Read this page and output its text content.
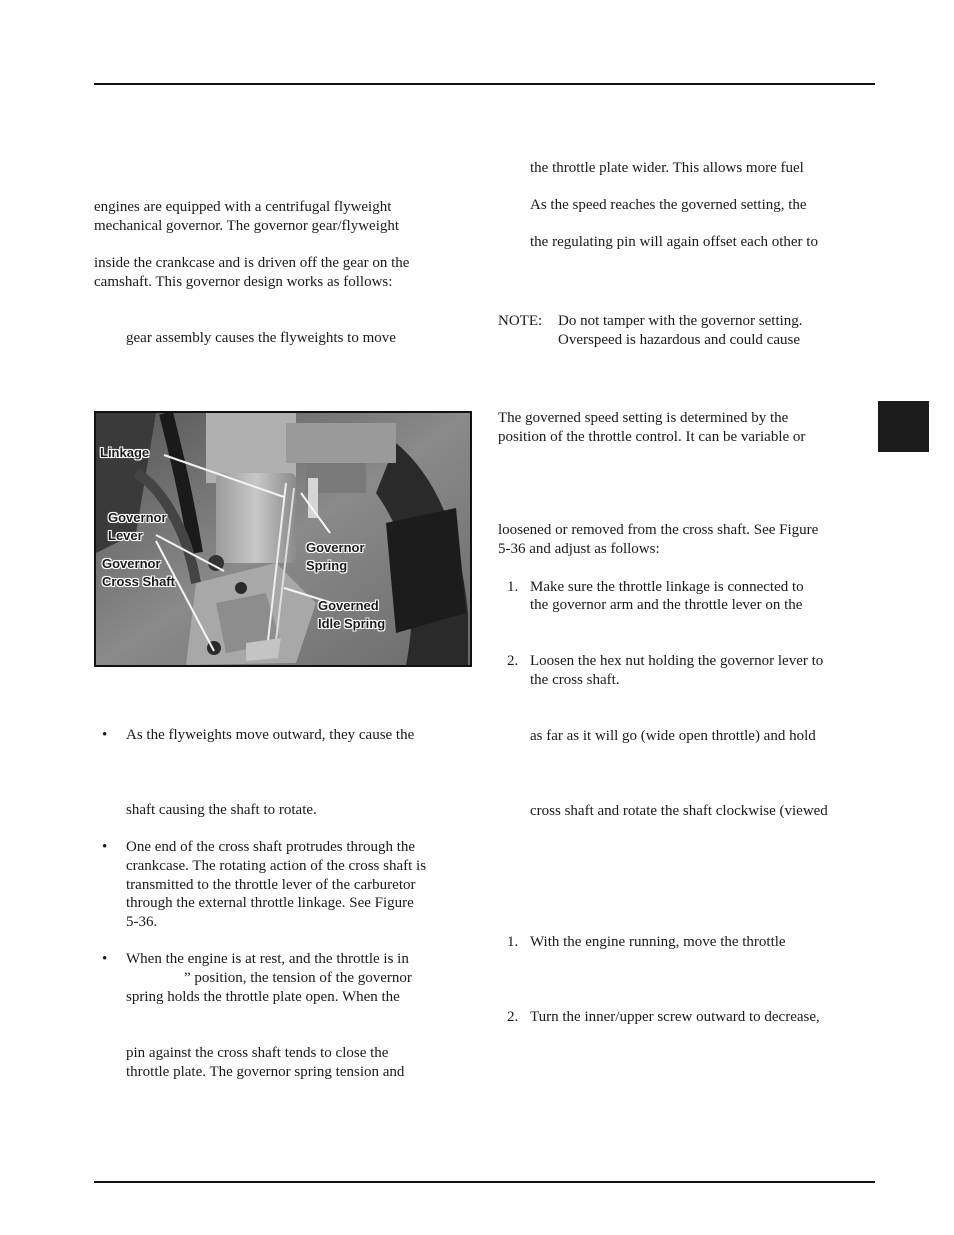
engines are equipped with a centrifugal flyweight

mechanical governor. The governor gear/flyweight

inside the crankcase and is driven off the gear on the

camshaft. This governor design works as follows:

gear assembly causes the flyweights to move

Linkage
Governor
Lever
Governor
Cross Shaft
Governor
Spring
Governed
Idle Spring
• As the flyweights move outward, they cause the

shaft causing the shaft to rotate.

• One end of the cross shaft protrudes through the

crankcase. The rotating action of the cross shaft is

transmitted to the throttle lever of the carburetor

through the external throttle linkage. See Figure

5-36.

• When the engine is at rest, and the throttle is in

” position, the tension of the governor

spring holds the throttle plate open. When the

pin against the cross shaft tends to close the

throttle plate. The governor spring tension and

the throttle plate wider. This allows more fuel

As the speed reaches the governed setting, the

the regulating pin will again offset each other to

NOTE: Do not tamper with the governor setting.

Overspeed is hazardous and could cause

The governed speed setting is determined by the

position of the throttle control. It can be variable or

loosened or removed from the cross shaft. See Figure

5-36 and adjust as follows:

1. Make sure the throttle linkage is connected to

the governor arm and the throttle lever on the

2. Loosen the hex nut holding the governor lever to

the cross shaft.

as far as it will go (wide open throttle) and hold

cross shaft and rotate the shaft clockwise (viewed

1. With the engine running, move the throttle

2. Turn the inner/upper screw outward to decrease,
